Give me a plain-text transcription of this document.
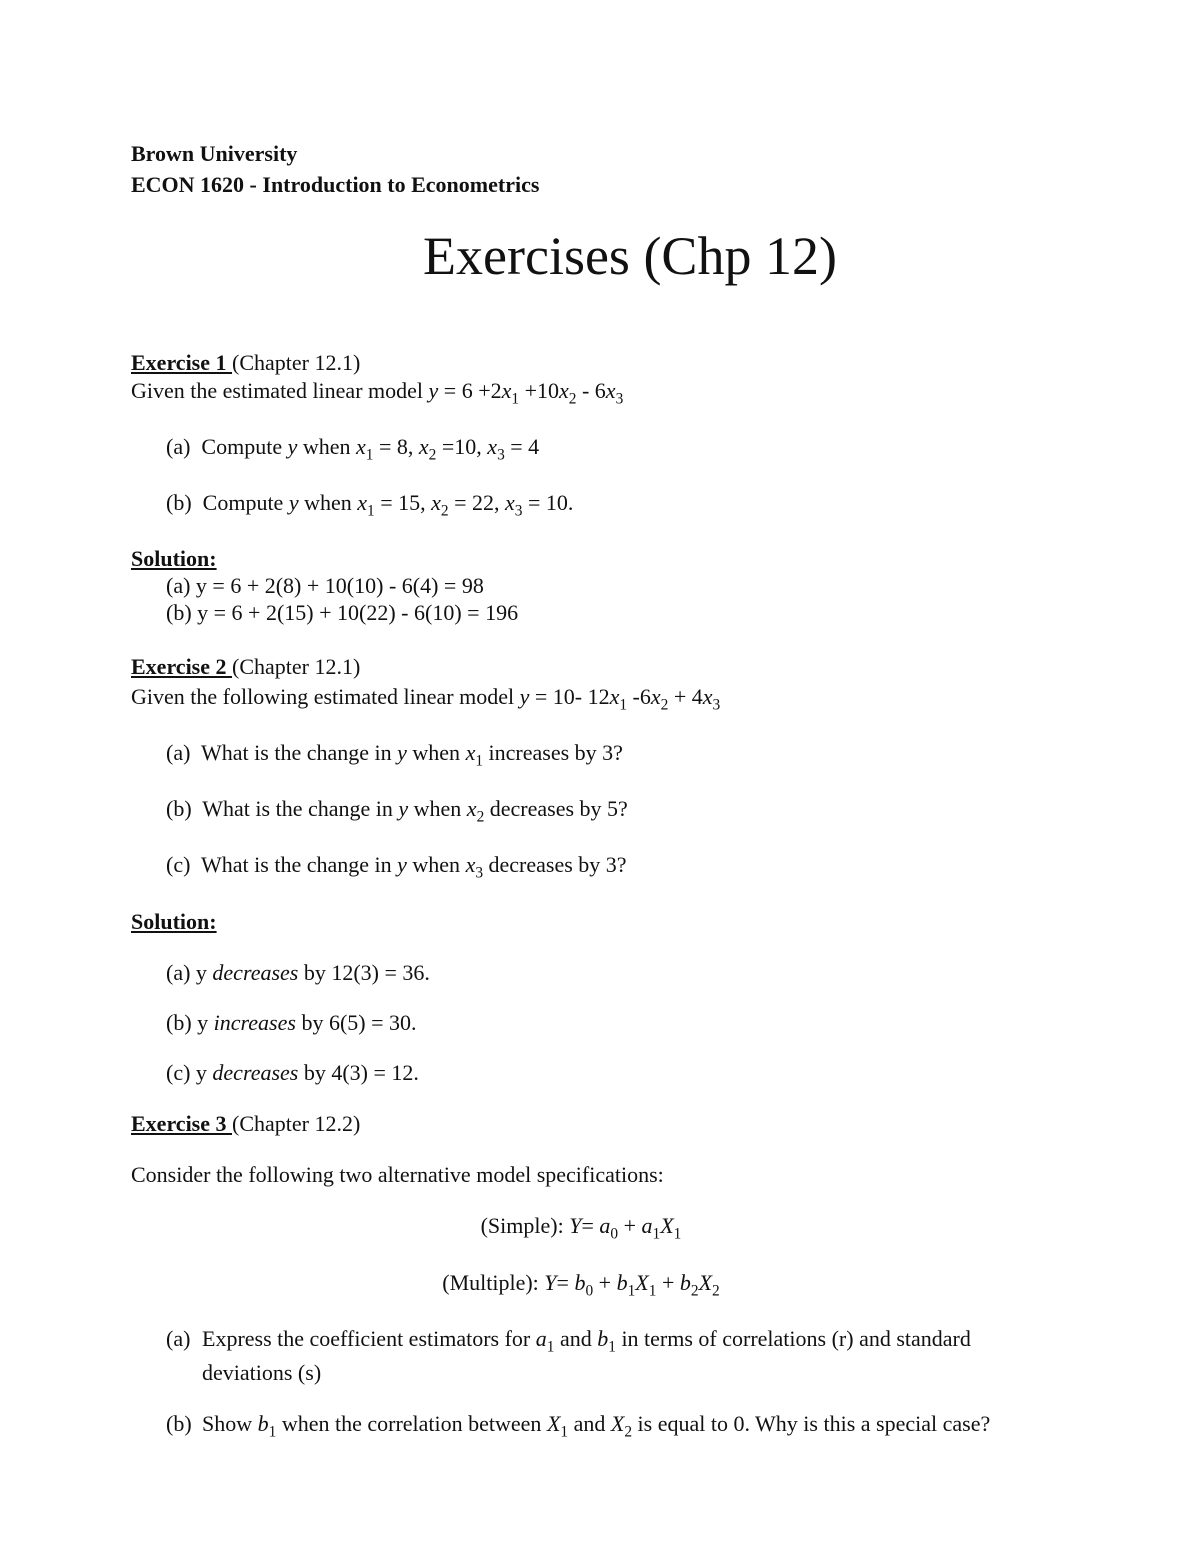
Brown University
ECON 1620 - Introduction to Econometrics
Exercises (Chp 12)
Exercise 1 (Chapter 12.1)
Given the estimated linear model $y = 6 +2x_1 +10x_2 - 6x_3$
(a) Compute y when $x_1 = 8$, $x_2 =10$, $x_3 = 4$
(b) Compute y when $x_1 = 15$, $x_2 = 22$, $x_3 = 10$.
Solution:
(a) y = 6 + 2(8) + 10(10) - 6(4) = 98
(b) y = 6 + 2(15) + 10(22) - 6(10) = 196
Exercise 2 (Chapter 12.1)
Given the following estimated linear model y = 10- $12x_1$ $-6x_2 + 4x_3$
(a) What is the change in y when $x_1$ increases by 3?
(b) What is the change in y when $x_2$ decreases by 5?
(c) What is the change in y when $x_3$ decreases by 3?
Solution:
(a) y decreases by 12(3) = 36.
(b) y increases by 6(5) = 30.
(c) y decreases by 4(3) = 12.
Exercise 3 (Chapter 12.2)
Consider the following two alternative model specifications:
(Simple): $Y= a_0 + a_1X_1$
(Multiple): $Y= b_0 + b_1X_1 + b_2X_2$
(a) Express the coefficient estimators for $a_1$ and $b_1$ in terms of correlations (r) and standard deviations (s)
(b) Show $b_1$ when the correlation between $X_1$ and $X_2$ is equal to 0. Why is this a special case?
